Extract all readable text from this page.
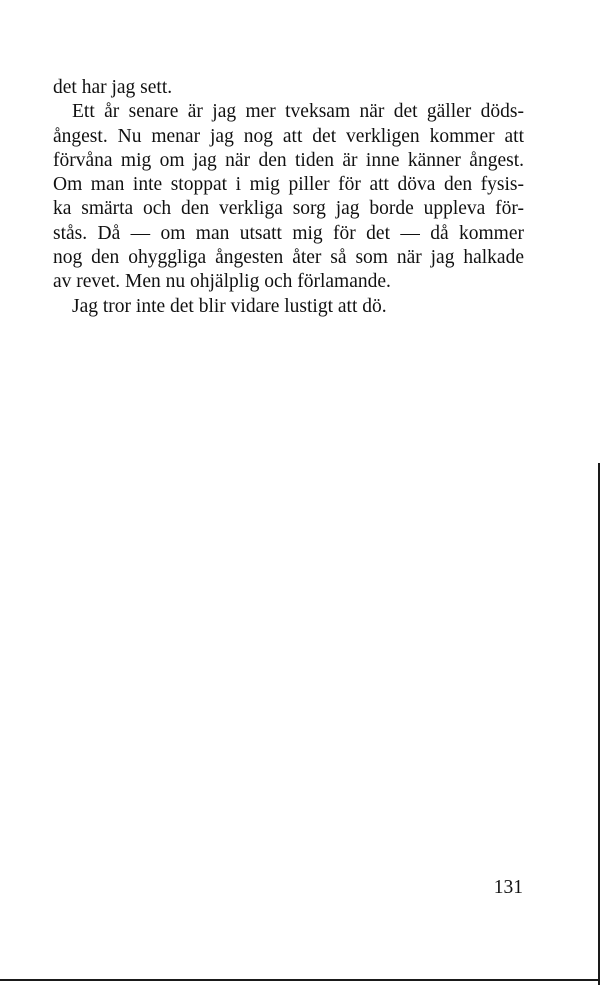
det har jag sett.
Ett år senare är jag mer tveksam när det gäller döds-
ångest. Nu menar jag nog att det verkligen kommer att
förvåna mig om jag när den tiden är inne känner ångest.
Om man inte stoppat i mig piller för att döva den fysis-
ka smärta och den verkliga sorg jag borde uppleva för-
stås. Då — om man utsatt mig för det — då kommer
nog den ohyggliga ångesten åter så som när jag halkade
av revet. Men nu ohjälplig och förlamande.
Jag tror inte det blir vidare lustigt att dö.
131
